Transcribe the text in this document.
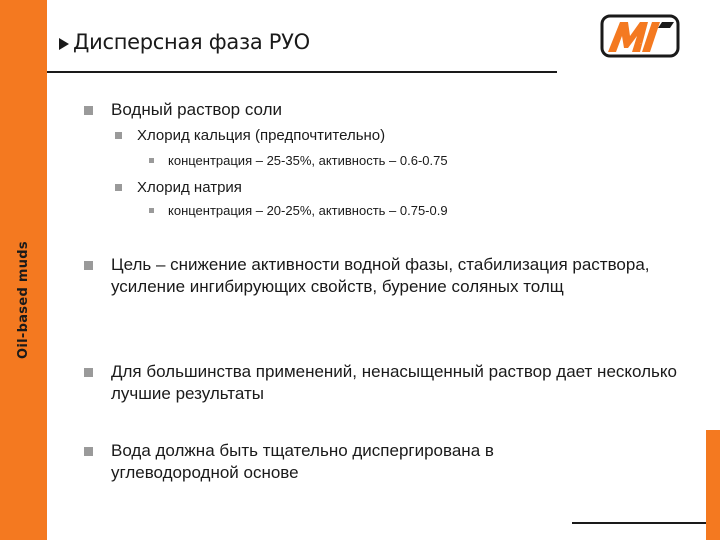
Oil-based muds
Дисперсная фаза РУО	MI
Водный раствор соли
Хлорид кальция (предпочтительно)
концентрация – 25-35%, активность – 0.6-0.75
Хлорид натрия
концентрация – 20-25%, активность – 0.75-0.9
Цель – снижение активности водной фазы, стабилизация раствора, усиление ингибирующих свойств, бурение соляных толщ
Для большинства применений, ненасыщенный раствор дает несколько лучшие результаты
Вода должна быть тщательно диспергирована в углеводородной основе
